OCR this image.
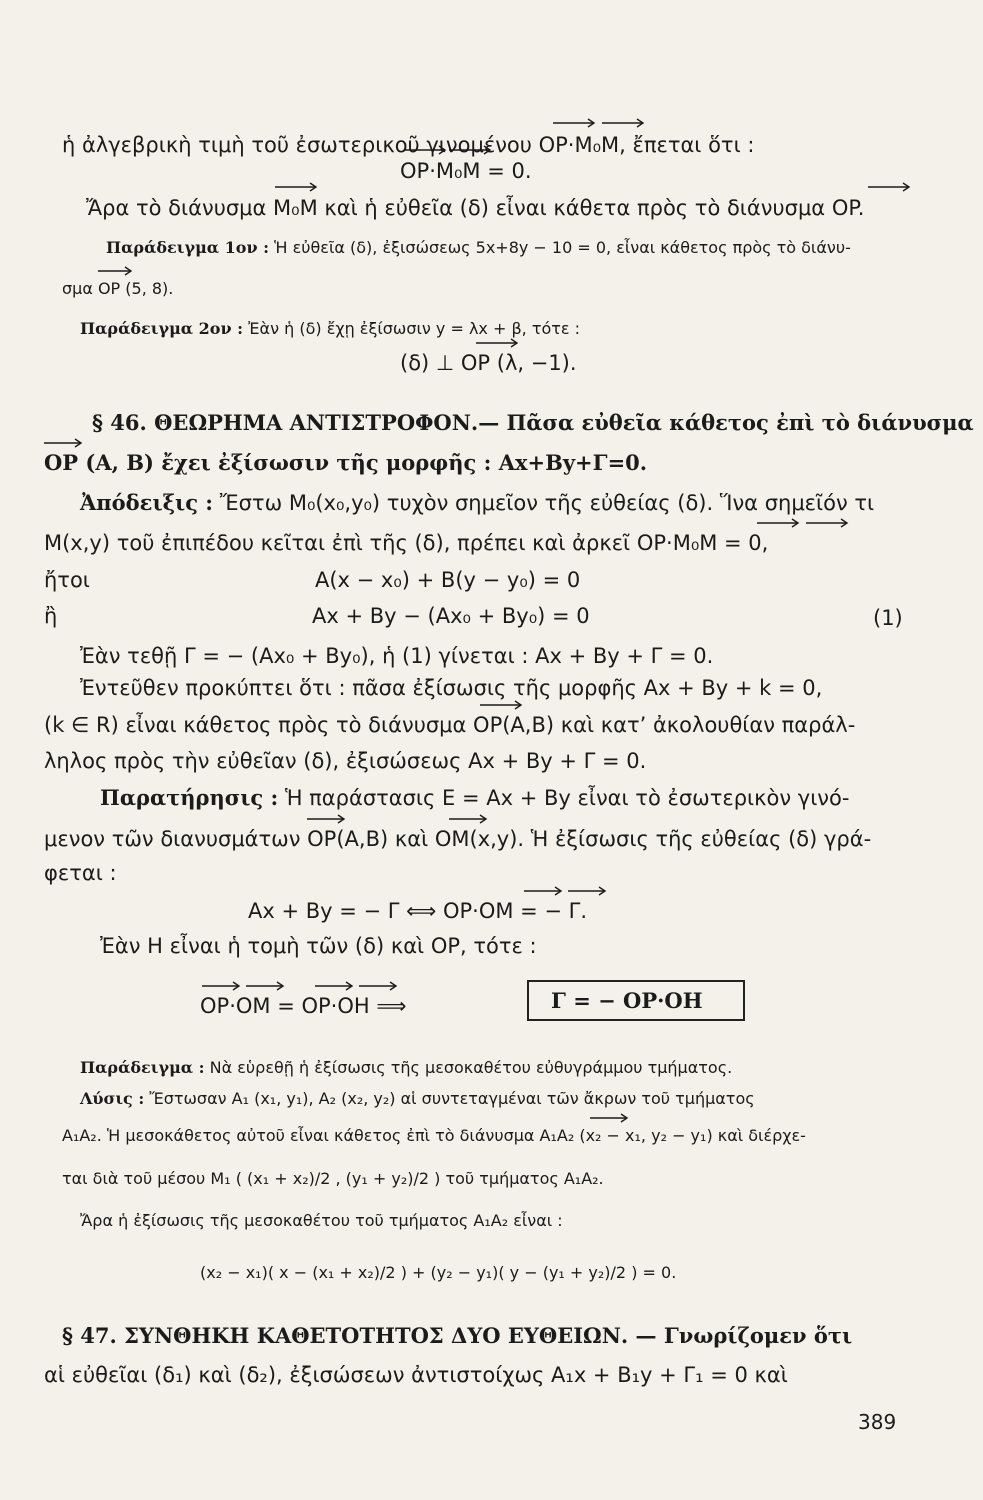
ἡ ἀλγεβρικὴ τιμὴ τοῦ ἐσωτερικοῦ γινομένου OP·M₀M, ἔπεται ὅτι :
OP·M₀M = 0.
Ἄρα τὸ διάνυσμα M₀M καὶ ἡ εὐθεῖα (δ) εἶναι κάθετα πρὸς τὸ διάνυσμα OP.
Παράδειγμα 1ον : Ἡ εὐθεῖα (δ), ἐξισώσεως 5x+8y − 10 = 0, εἶναι κάθετος πρὸς τὸ διάνυ-
σμα OP (5, 8).
Παράδειγμα 2ον : Ἐὰν ἡ (δ) ἔχῃ ἐξίσωσιν y = λx + β, τότε :
(δ) ⊥ OP (λ, −1).
§ 46. ΘΕΩΡΗΜΑ ΑΝΤΙΣΤΡΟΦΟΝ.— Πᾶσα εὐθεῖα κάθετος ἐπὶ τὸ διάνυσμα
OP (A, B) ἔχει ἐξίσωσιν τῆς μορφῆς : Ax+By+Γ=0.
Ἀπόδειξις : Ἔστω M₀(x₀,y₀) τυχὸν σημεῖον τῆς εὐθείας (δ). Ἵνα σημεῖόν τι
M(x,y) τοῦ ἐπιπέδου κεῖται ἐπὶ τῆς (δ), πρέπει καὶ ἀρκεῖ OP·M₀M = 0,
ἤτοι	A(x − x₀) + B(y − y₀) = 0
ἢ	Ax + By − (Ax₀ + By₀) = 0	(1)
Ἐὰν τεθῇ Γ = − (Ax₀ + By₀), ἡ (1) γίνεται : Ax + By + Γ = 0.
Ἐντεῦθεν προκύπτει ὅτι : πᾶσα ἐξίσωσις τῆς μορφῆς Ax + By + k = 0,
(k ∈ R) εἶναι κάθετος πρὸς τὸ διάνυσμα OP(A,B) καὶ κατ’ ἀκολουθίαν παράλ-
ληλος πρὸς τὴν εὐθεῖαν (δ), ἐξισώσεως Ax + By + Γ = 0.
Παρατήρησις : Ἡ παράστασις E = Ax + By εἶναι τὸ ἐσωτερικὸν γινό-
μενον τῶν διανυσμάτων OP(A,B) καὶ OM(x,y). Ἡ ἐξίσωσις τῆς εὐθείας (δ) γρά-
φεται :
Ax + By = − Γ ⟺ OP·OM = − Γ.
Ἐὰν H εἶναι ἡ τομὴ τῶν (δ) καὶ OP, τότε :
OP·OM = OP·OH ⟹	Γ = − OP·OH
Παράδειγμα : Νὰ εὑρεθῇ ἡ ἐξίσωσις τῆς μεσοκαθέτου εὐθυγράμμου τμήματος.
Λύσις : Ἔστωσαν A₁ (x₁, y₁), A₂ (x₂, y₂) αἱ συντεταγμέναι τῶν ἄκρων τοῦ τμήματος
A₁A₂. Ἡ μεσοκάθετος αὐτοῦ εἶναι κάθετος ἐπὶ τὸ διάνυσμα A₁A₂ (x₂ − x₁, y₂ − y₁) καὶ διέρχε-
ται διὰ τοῦ μέσου M₁ ( (x₁ + x₂)/2 , (y₁ + y₂)/2 ) τοῦ τμήματος A₁A₂.
Ἄρα ἡ ἐξίσωσις τῆς μεσοκαθέτου τοῦ τμήματος A₁A₂ εἶναι :
(x₂ − x₁)( x − (x₁ + x₂)/2 ) + (y₂ − y₁)( y − (y₁ + y₂)/2 ) = 0.
§ 47. ΣΥΝΘΗΚΗ ΚΑΘΕΤΟΤΗΤΟΣ ΔΥΟ ΕΥΘΕΙΩΝ. — Γνωρίζομεν ὅτι
αἱ εὐθεῖαι (δ₁) καὶ (δ₂), ἐξισώσεων ἀντιστοίχως A₁x + B₁y + Γ₁ = 0 καὶ
389
